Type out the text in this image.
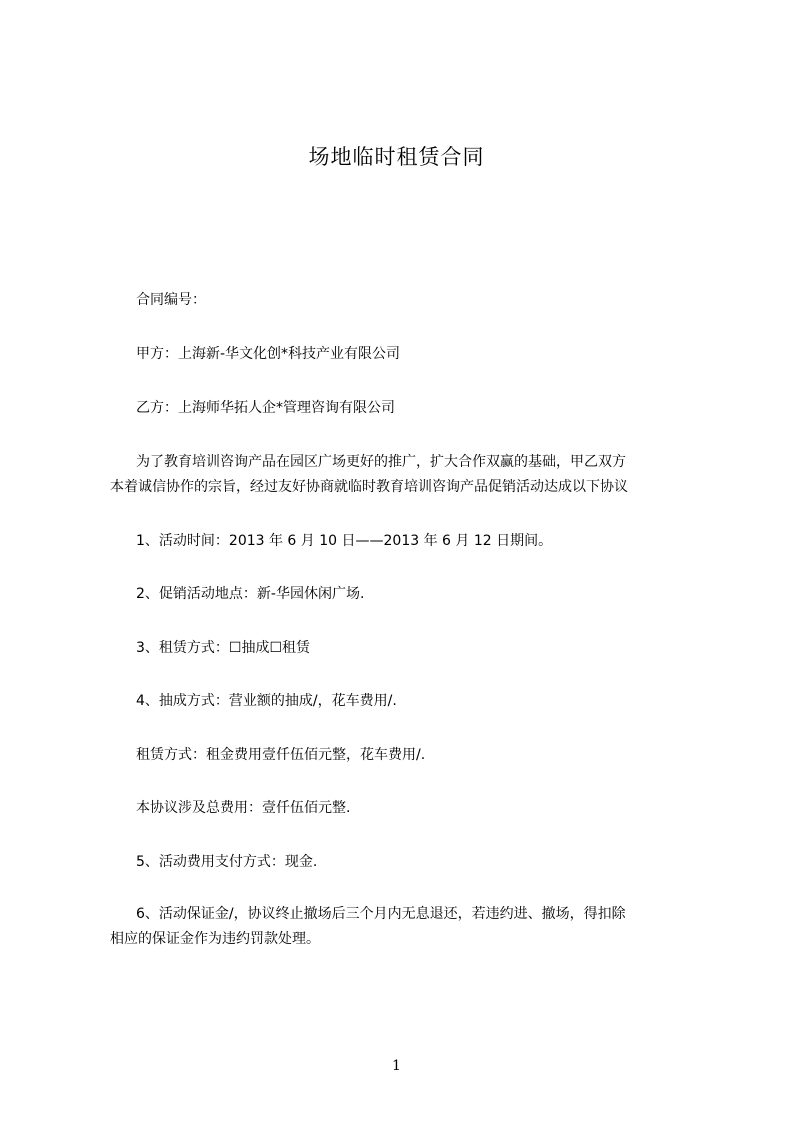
场地临时租赁合同
合同编号：
甲方：上海新-华文化创*科技产业有限公司
乙方：上海师华拓人企*管理咨询有限公司
为了教育培训咨询产品在园区广场更好的推广，扩大合作双赢的基础，甲乙双方
本着诚信协作的宗旨，经过友好协商就临时教育培训咨询产品促销活动达成以下协议
1、活动时间：2013 年 6 月 10 日——2013 年 6 月 12 日期间。
2、促销活动地点：新-华园休闲广场.
3、租赁方式：☐抽成☐租赁
4、抽成方式：营业额的抽成/，花车费用/.
租赁方式：租金费用壹仟伍佰元整，花车费用/.
本协议涉及总费用：壹仟伍佰元整.
5、活动费用支付方式：现金.
6、活动保证金/，协议终止撤场后三个月内无息退还，若违约进、撤场，得扣除
相应的保证金作为违约罚款处理。
1
